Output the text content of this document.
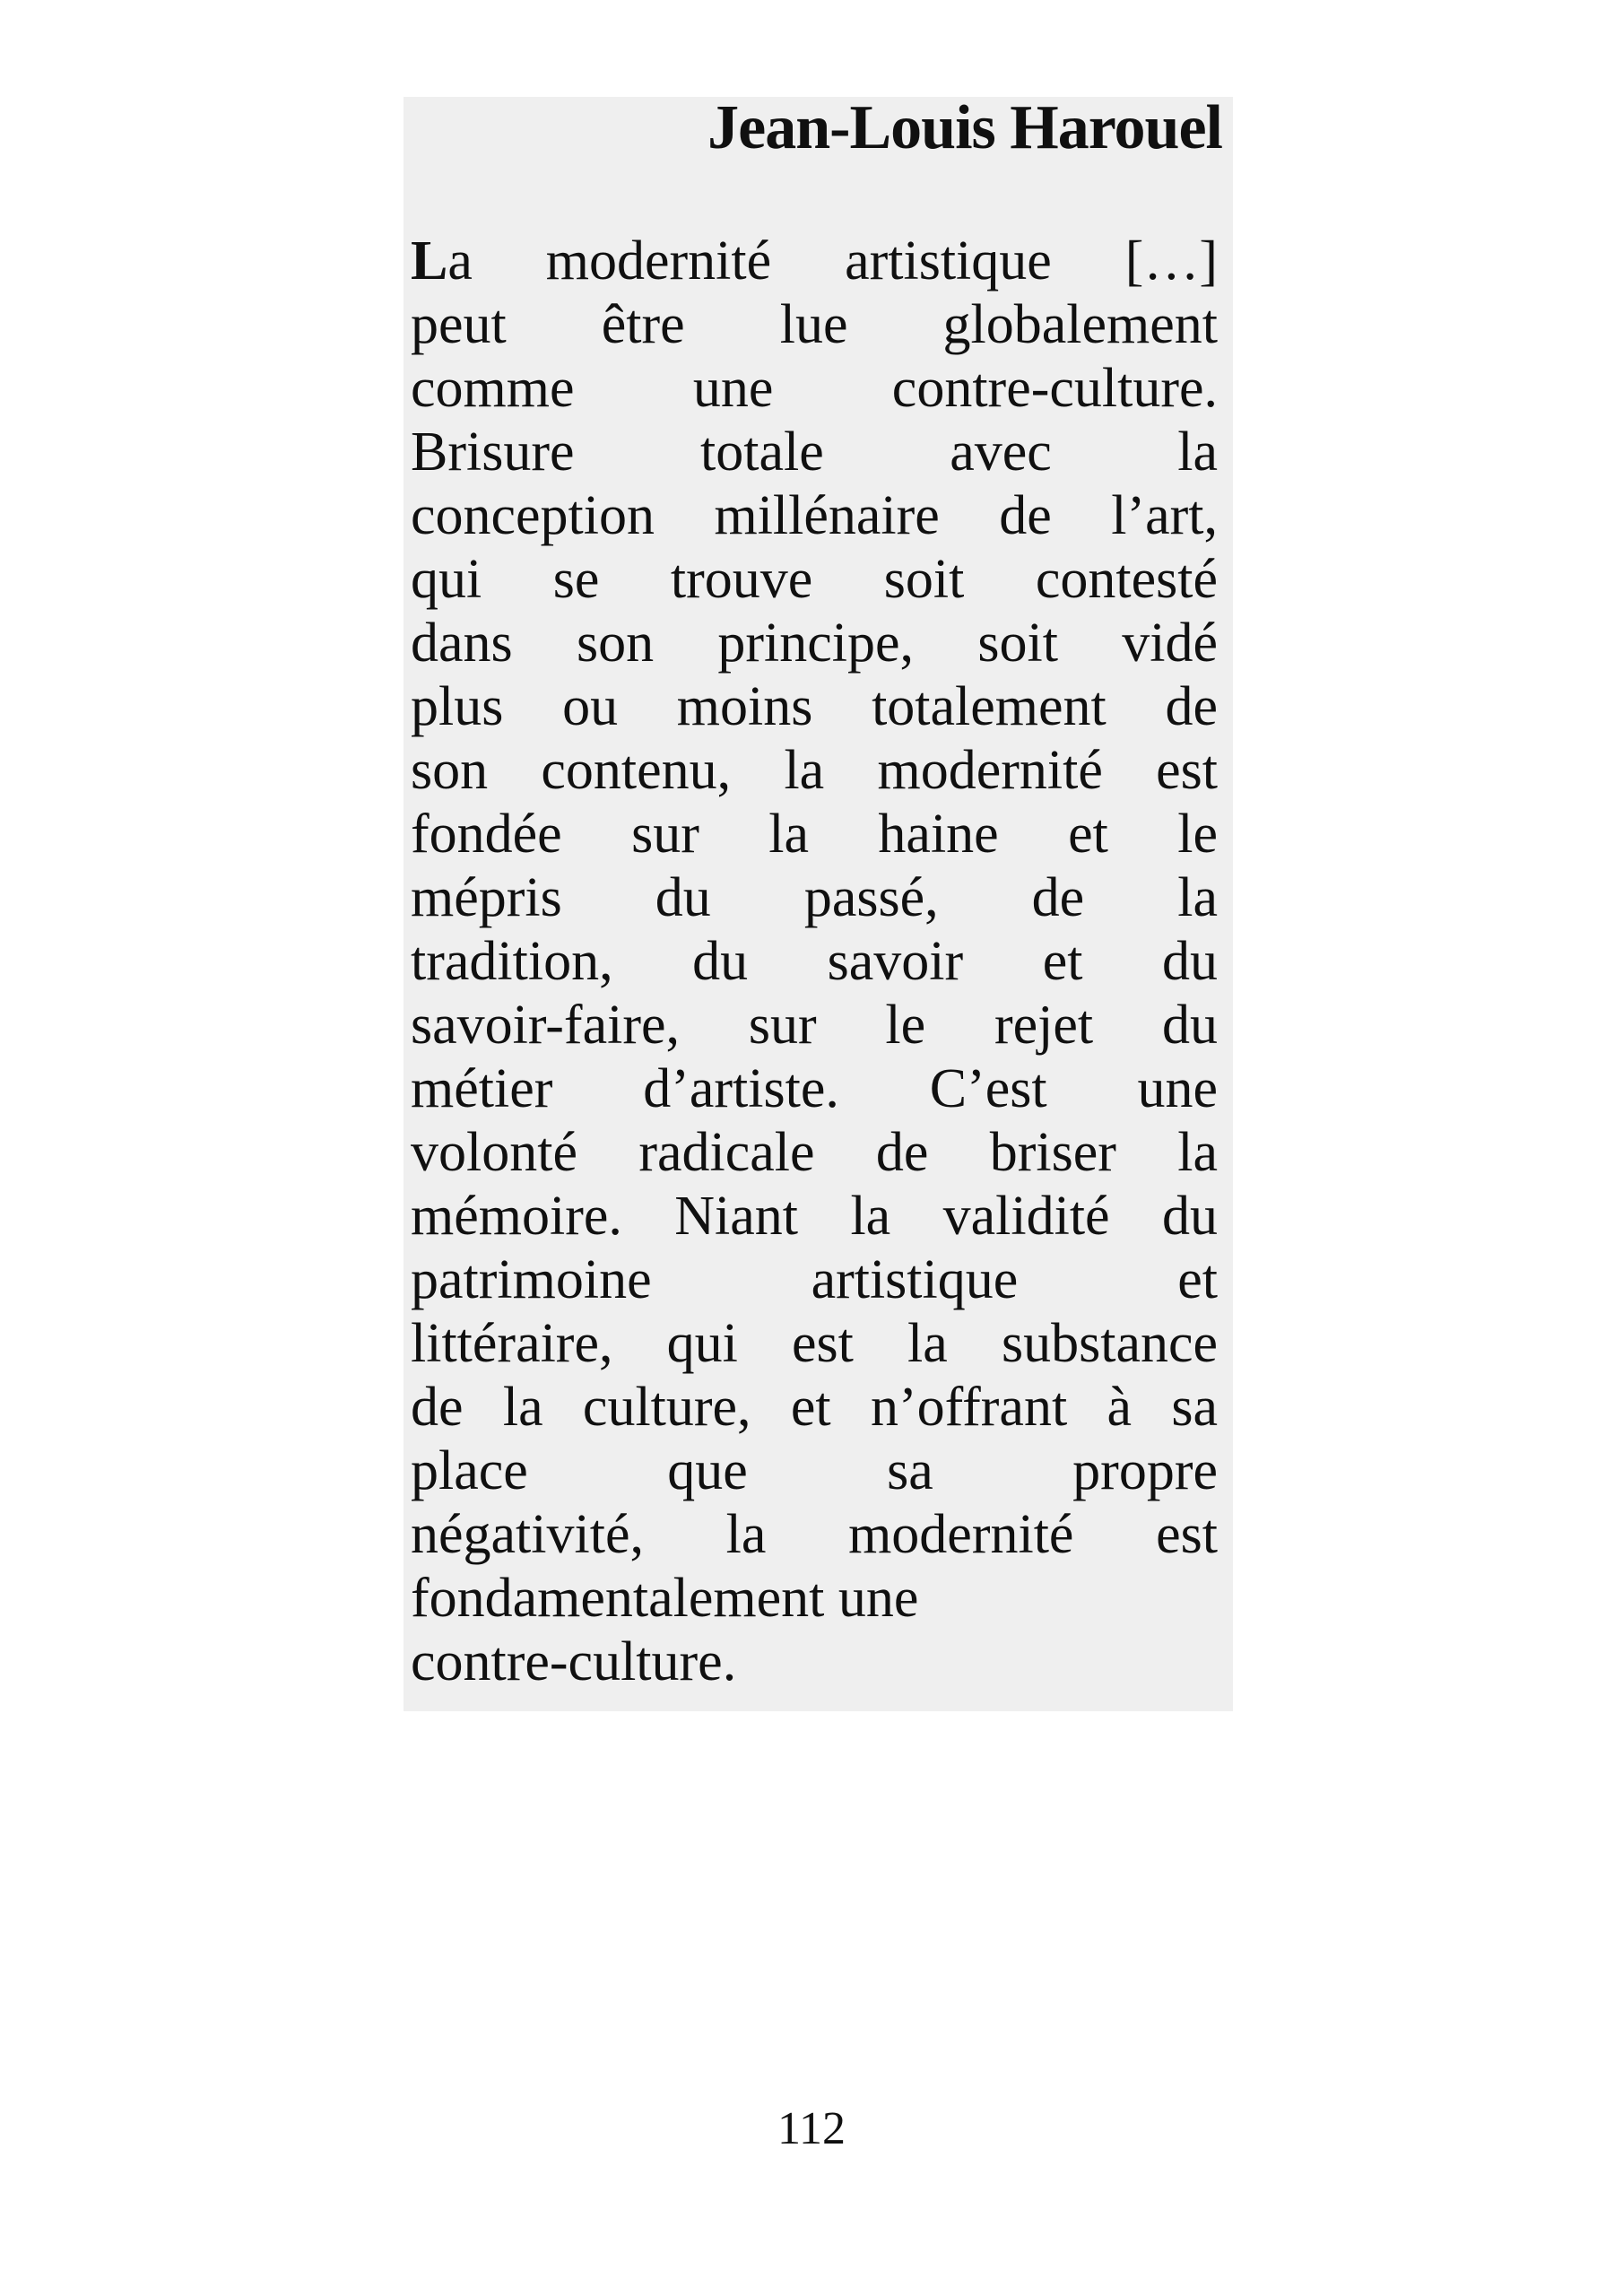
Jean-Louis Harouel
La modernité artistique […]
peut être lue globalement
comme une contre-culture.
Brisure totale avec la
conception millénaire de l’art,
qui se trouve soit contesté
dans son principe, soit vidé
plus ou moins totalement de
son contenu, la modernité est
fondée sur la haine et le
mépris du passé, de la
tradition, du savoir et du
savoir-faire, sur le rejet du
métier d’artiste. C’est une
volonté radicale de briser la
mémoire. Niant la validité du
patrimoine artistique et
littéraire, qui est la substance
de la culture, et n’offrant à sa
place que sa propre
négativité, la modernité est
fondamentalement une
contre-culture.
112
